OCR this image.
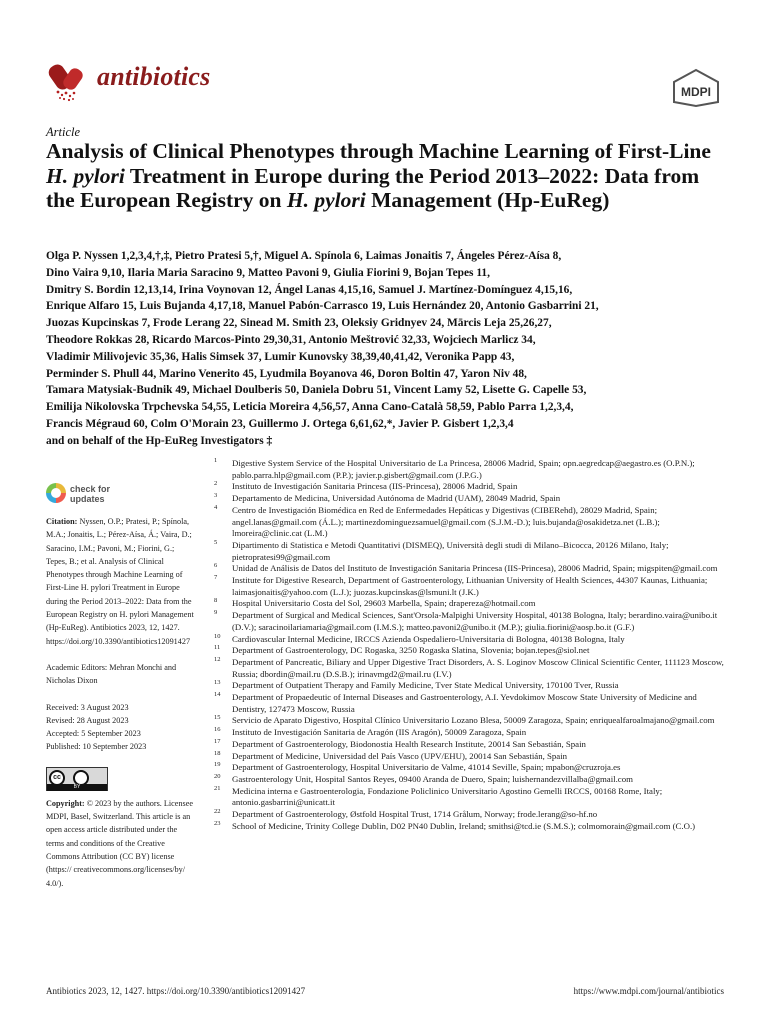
antibiotics
MDPI
Article
Analysis of Clinical Phenotypes through Machine Learning of First-Line H. pylori Treatment in Europe during the Period 2013–2022: Data from the European Registry on H. pylori Management (Hp-EuReg)
Olga P. Nyssen 1,2,3,4,†,‡, Pietro Pratesi 5,†, Miguel A. Spínola 6, Laimas Jonaitis 7, Ángeles Pérez-Aísa 8,
Dino Vaira 9,10, Ilaria Maria Saracino 9, Matteo Pavoni 9, Giulia Fiorini 9, Bojan Tepes 11,
Dmitry S. Bordin 12,13,14, Irina Voynovan 12, Ángel Lanas 4,15,16, Samuel J. Martínez-Domínguez 4,15,16,
Enrique Alfaro 15, Luis Bujanda 4,17,18, Manuel Pabón-Carrasco 19, Luis Hernández 20, Antonio Gasbarrini 21,
Juozas Kupcinskas 7, Frode Lerang 22, Sinead M. Smith 23, Oleksiy Gridnyev 24, Mārcis Leja 25,26,27,
Theodore Rokkas 28, Ricardo Marcos-Pinto 29,30,31, Antonio Meštrović 32,33, Wojciech Marlicz 34,
Vladimir Milivojevic 35,36, Halis Simsek 37, Lumir Kunovsky 38,39,40,41,42, Veronika Papp 43,
Perminder S. Phull 44, Marino Venerito 45, Lyudmila Boyanova 46, Doron Boltin 47, Yaron Niv 48,
Tamara Matysiak-Budnik 49, Michael Doulberis 50, Daniela Dobru 51, Vincent Lamy 52, Lisette G. Capelle 53,
Emilija Nikolovska Trpchevska 54,55, Leticia Moreira 4,56,57, Anna Cano-Català 58,59, Pablo Parra 1,2,3,4,
Francis Mégraud 60, Colm O'Morain 23, Guillermo J. Ortega 6,61,62,*, Javier P. Gisbert 1,2,3,4
and on behalf of the Hp-EuReg Investigators ‡
check for
updates

Citation: Nyssen, O.P.; Pratesi, P.; Spínola, M.A.; Jonaitis, L.; Pérez-Aísa, Á.; Vaira, D.; Saracino, I.M.; Pavoni, M.; Fiorini, G.; Tepes, B.; et al. Analysis of Clinical Phenotypes through Machine Learning of First-Line H. pylori Treatment in Europe during the Period 2013–2022: Data from the European Registry on H. pylori Management (Hp-EuReg). Antibiotics 2023, 12, 1427. https://doi.org/10.3390/antibiotics12091427

Academic Editors: Mehran Monchi and Nicholas Dixon

Received: 3 August 2023
Revised: 28 August 2023
Accepted: 5 September 2023
Published: 10 September 2023

cc
BY

Copyright: © 2023 by the authors. Licensee MDPI, Basel, Switzerland. This article is an open access article distributed under the terms and conditions of the Creative Commons Attribution (CC BY) license (https:// creativecommons.org/licenses/by/ 4.0/).

1 Digestive System Service of the Hospital Universitario de La Princesa, 28006 Madrid, Spain; opn.aegredcap@aegastro.es (O.P.N.); pablo.parra.hlp@gmail.com (P.P.); javier.p.gisbert@gmail.com (J.P.G.)
2 Instituto de Investigación Sanitaria Princesa (IIS-Princesa), 28006 Madrid, Spain
3 Departamento de Medicina, Universidad Autónoma de Madrid (UAM), 28049 Madrid, Spain
4 Centro de Investigación Biomédica en Red de Enfermedades Hepáticas y Digestivas (CIBERehd), 28029 Madrid, Spain; angel.lanas@gmail.com (Á.L.); martinezdominguezsamuel@gmail.com (S.J.M.-D.); luis.bujanda@osakidetza.net (L.B.); lmoreira@clinic.cat (L.M.)
5 Dipartimento di Statistica e Metodi Quantitativi (DISMEQ), Università degli studi di Milano–Bicocca, 20126 Milano, Italy; pietropratesi99@gmail.com
6 Unidad de Análisis de Datos del Instituto de Investigación Sanitaria Princesa (IIS-Princesa), 28006 Madrid, Spain; migspiten@gmail.com
7 Institute for Digestive Research, Department of Gastroenterology, Lithuanian University of Health Sciences, 44307 Kaunas, Lithuania; laimasjonaitis@yahoo.com (L.J.); juozas.kupcinskas@lsmuni.lt (J.K.)
8 Hospital Universitario Costa del Sol, 29603 Marbella, Spain; drapereza@hotmail.com
9 Department of Surgical and Medical Sciences, Sant'Orsola-Malpighi University Hospital, 40138 Bologna, Italy; berardino.vaira@unibo.it (D.V.); saracinoilariamaria@gmail.com (I.M.S.); matteo.pavoni2@unibo.it (M.P.); giulia.fiorini@aosp.bo.it (G.F.)
10 Cardiovascular Internal Medicine, IRCCS Azienda Ospedaliero-Universitaria di Bologna, 40138 Bologna, Italy
11 Department of Gastroenterology, DC Rogaska, 3250 Rogaska Slatina, Slovenia; bojan.tepes@siol.net
12 Department of Pancreatic, Biliary and Upper Digestive Tract Disorders, A. S. Loginov Moscow Clinical Scientific Center, 111123 Moscow, Russia; dbordin@mail.ru (D.S.B.); irinavmgd2@mail.ru (I.V.)
13 Department of Outpatient Therapy and Family Medicine, Tver State Medical University, 170100 Tver, Russia
14 Department of Propaedeutic of Internal Diseases and Gastroenterology, A.I. Yevdokimov Moscow State University of Medicine and Dentistry, 127473 Moscow, Russia
15 Servicio de Aparato Digestivo, Hospital Clínico Universitario Lozano Blesa, 50009 Zaragoza, Spain; enriquealfaroalmajano@gmail.com
16 Instituto de Investigación Sanitaria de Aragón (IIS Aragón), 50009 Zaragoza, Spain
17 Department of Gastroenterology, Biodonostia Health Research Institute, 20014 San Sebastián, Spain
18 Department of Medicine, Universidad del País Vasco (UPV/EHU), 20014 San Sebastián, Spain
19 Department of Gastroenterology, Hospital Universitario de Valme, 41014 Seville, Spain; mpabon@cruzroja.es
20 Gastroenterology Unit, Hospital Santos Reyes, 09400 Aranda de Duero, Spain; luishernandezvillalba@gmail.com
21 Medicina interna e Gastroenterologia, Fondazione Policlinico Universitario Agostino Gemelli IRCCS, 00168 Rome, Italy; antonio.gasbarrini@unicatt.it
22 Department of Gastroenterology, Østfold Hospital Trust, 1714 Grålum, Norway; frode.lerang@so-hf.no
23 School of Medicine, Trinity College Dublin, D02 PN40 Dublin, Ireland; smithsi@tcd.ie (S.M.S.); colmomorain@gmail.com (C.O.)
Antibiotics 2023, 12, 1427. https://doi.org/10.3390/antibiotics12091427	https://www.mdpi.com/journal/antibiotics
